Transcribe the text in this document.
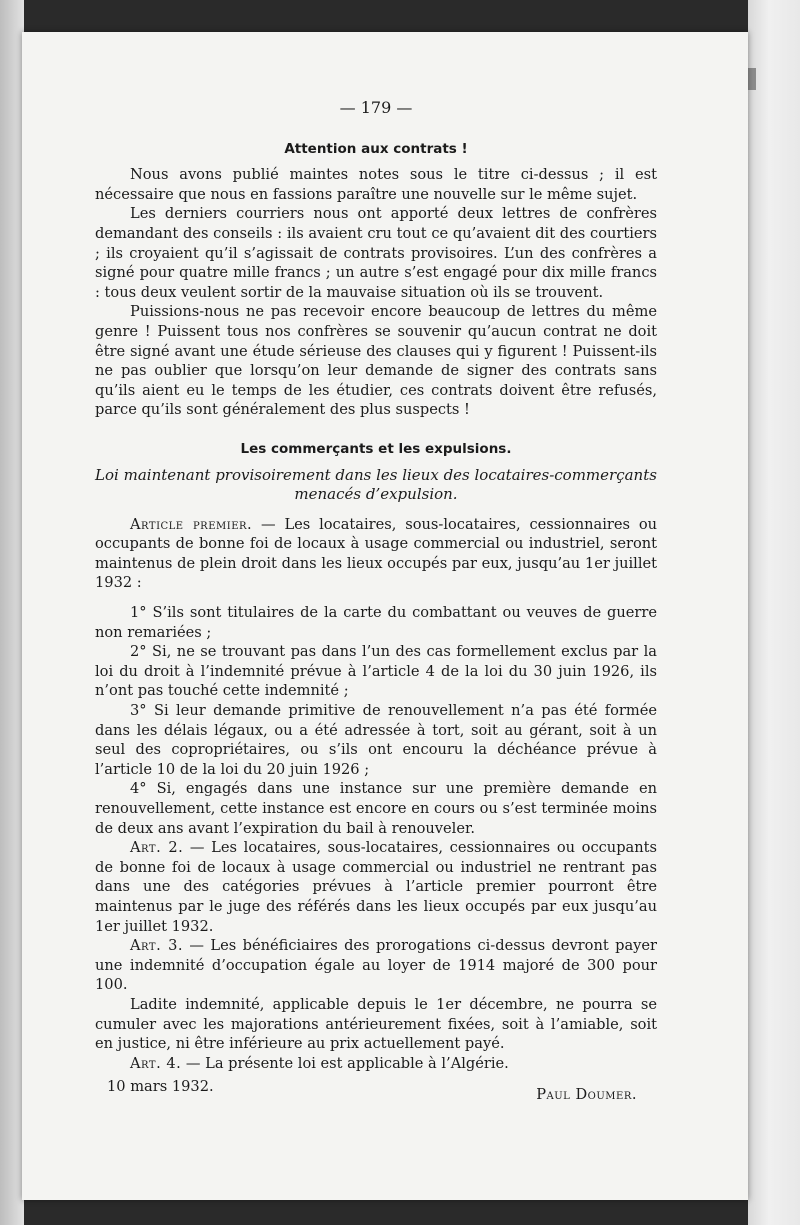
— 179 —
Attention aux contrats !

Nous avons publié maintes notes sous le titre ci-dessus ; il est nécessaire que nous en fassions paraître une nouvelle sur le même sujet.

Les derniers courriers nous ont apporté deux lettres de confrères demandant des conseils : ils avaient cru tout ce qu’avaient dit des courtiers ; ils croyaient qu’il s’agissait de contrats provisoires. L’un des confrères a signé pour quatre mille francs ; un autre s’est engagé pour dix mille francs : tous deux veulent sortir de la mauvaise situation où ils se trouvent.

Puissions-nous ne pas recevoir encore beaucoup de lettres du même genre ! Puissent tous nos confrères se souvenir qu’aucun contrat ne doit être signé avant une étude sérieuse des clauses qui y figurent ! Puissent-ils ne pas oublier que lorsqu’on leur demande de signer des contrats sans qu’ils aient eu le temps de les étudier, ces contrats doivent être refusés, parce qu’ils sont généralement des plus suspects !

Les commerçants et les expulsions.
Loi maintenant provisoirement dans les lieux des locataires-commerçants
menacés d’expulsion.

Article premier. — Les locataires, sous-locataires, cessionnaires ou occupants de bonne foi de locaux à usage commercial ou industriel, seront maintenus de plein droit dans les lieux occupés par eux, jusqu’au 1er juillet 1932 :

1° S’ils sont titulaires de la carte du combattant ou veuves de guerre non remariées ;

2° Si, ne se trouvant pas dans l’un des cas formellement exclus par la loi du droit à l’indemnité prévue à l’article 4 de la loi du 30 juin 1926, ils n’ont pas touché cette indemnité ;

3° Si leur demande primitive de renouvellement n’a pas été formée dans les délais légaux, ou a été adressée à tort, soit au gérant, soit à un seul des copropriétaires, ou s’ils ont encouru la déchéance prévue à l’article 10 de la loi du 20 juin 1926 ;

4° Si, engagés dans une instance sur une première demande en renouvellement, cette instance est encore en cours ou s’est terminée moins de deux ans avant l’expiration du bail à renouveler.

Art. 2. — Les locataires, sous-locataires, cessionnaires ou occupants de bonne foi de locaux à usage commercial ou industriel ne rentrant pas dans une des catégories prévues à l’article premier pourront être maintenus par le juge des référés dans les lieux occupés par eux jusqu’au 1er juillet 1932.

Art. 3. — Les bénéficiaires des prorogations ci-dessus devront payer une indemnité d’occupation égale au loyer de 1914 majoré de 300 pour 100.

Ladite indemnité, applicable depuis le 1er décembre, ne pourra se cumuler avec les majorations antérieurement fixées, soit à l’amiable, soit en justice, ni être inférieure au prix actuellement payé.

Art. 4. — La présente loi est applicable à l’Algérie.

10 mars 1932.	Paul Doumer.
